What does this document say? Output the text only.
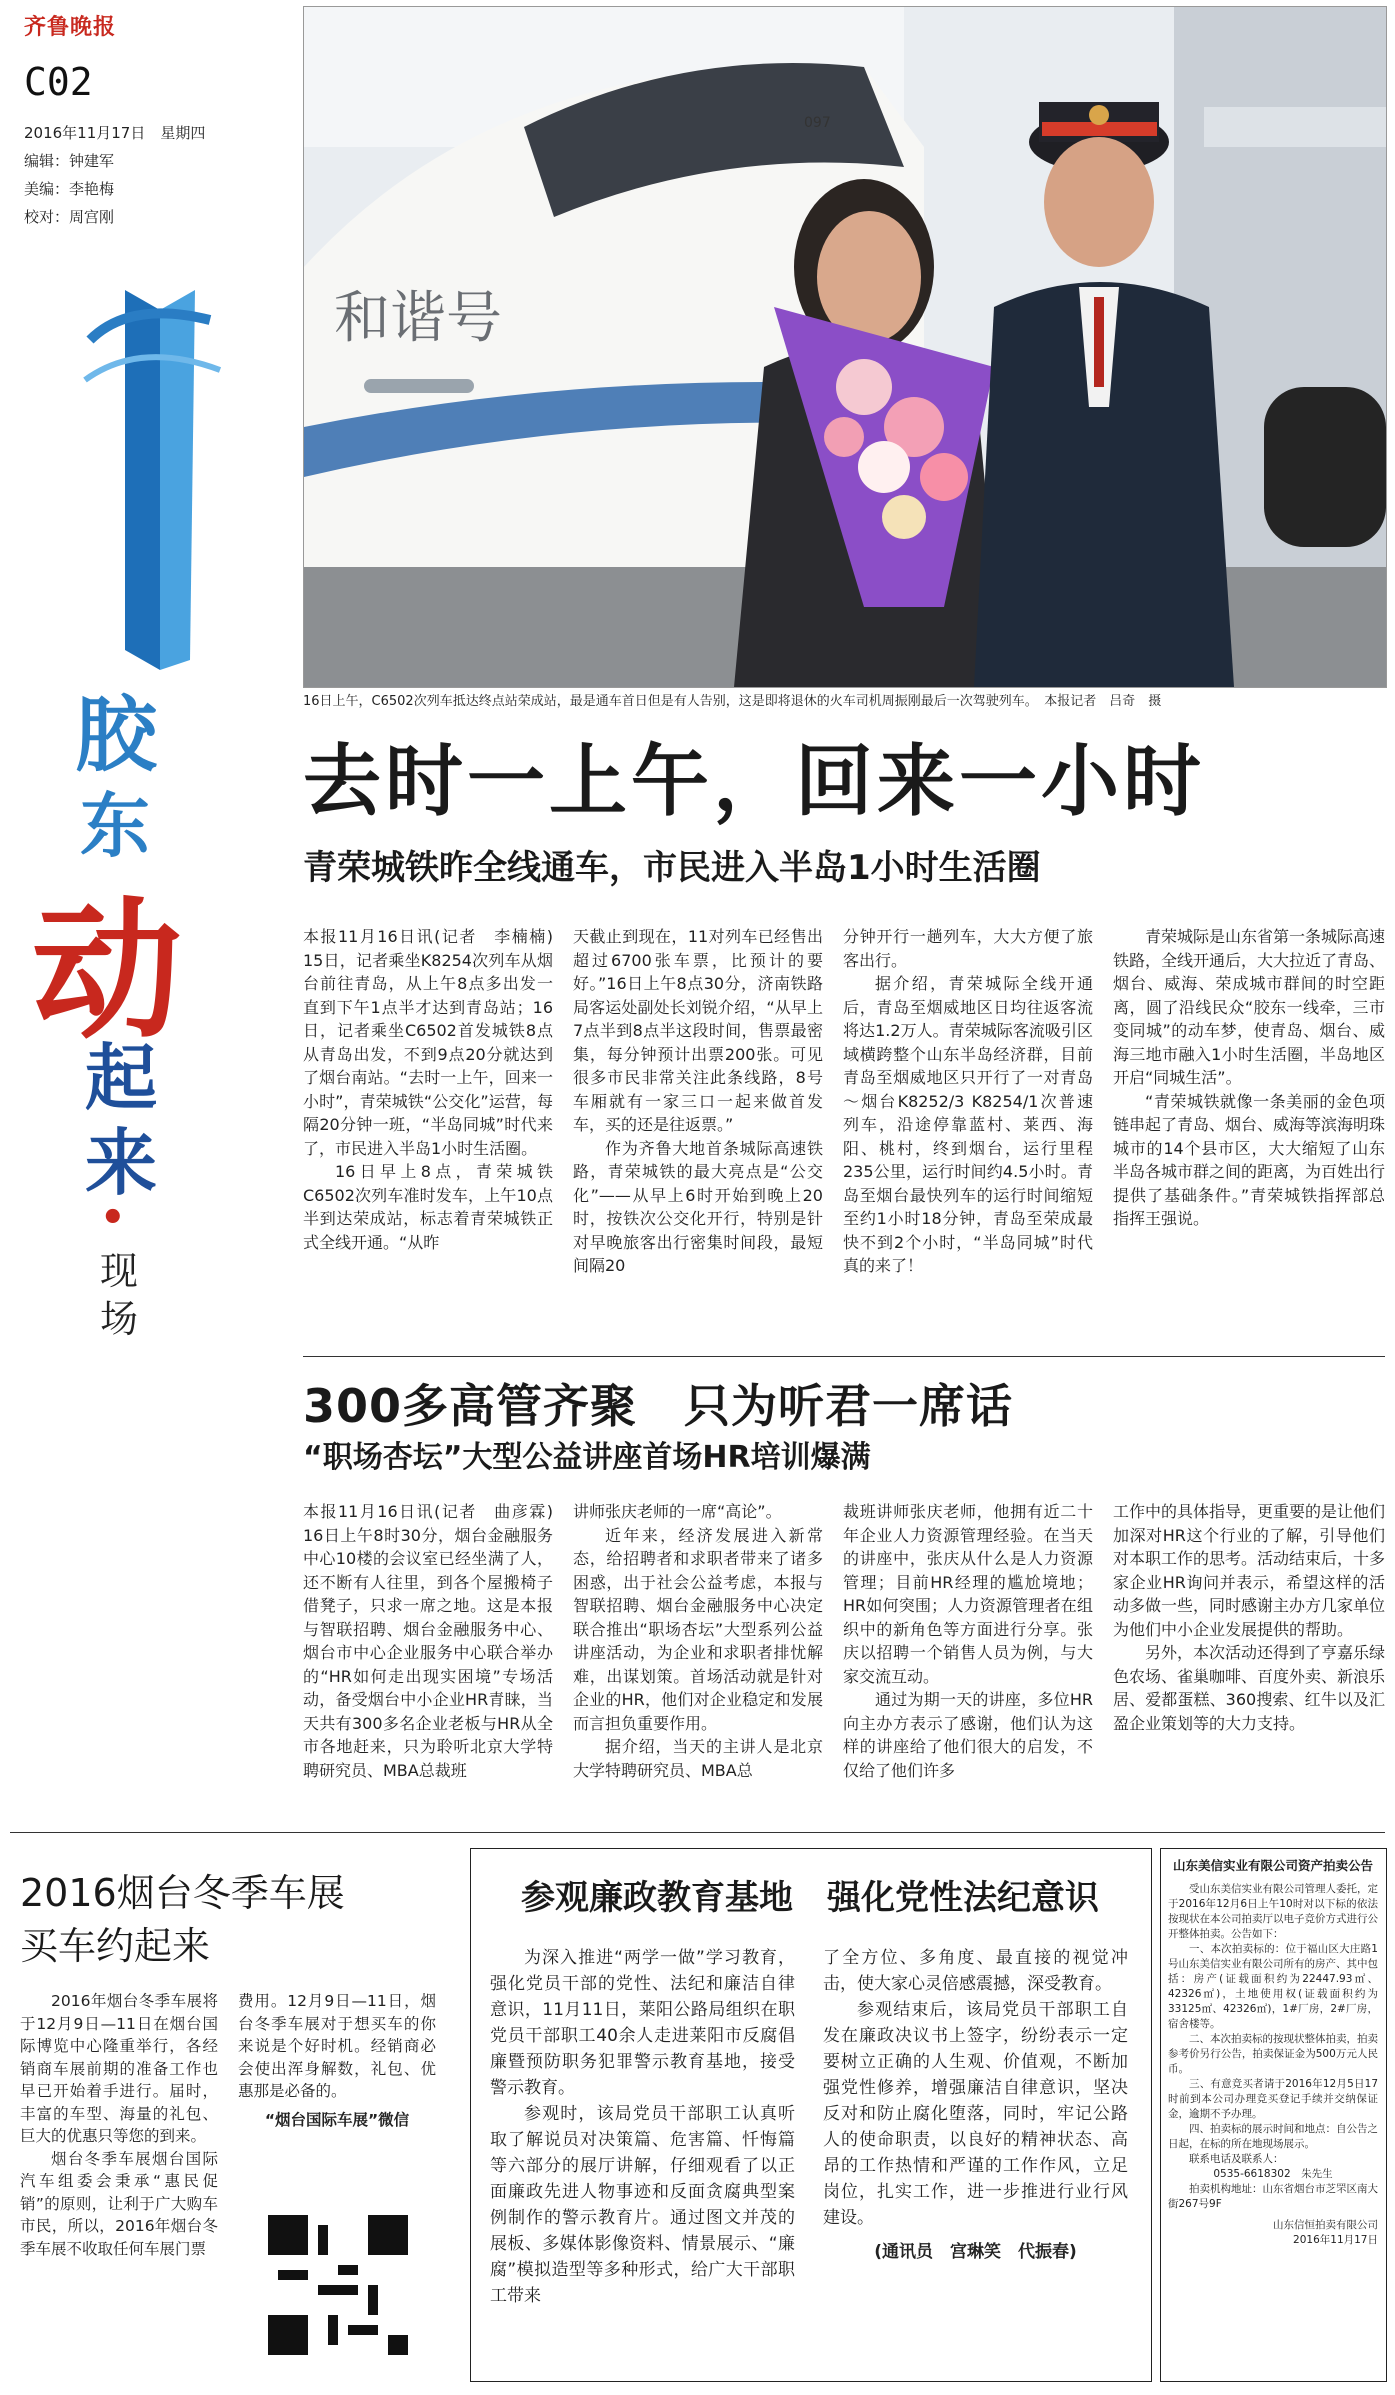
齐鲁晚报
C02
2016年11月17日　星期四
编辑：钟建军
美编：李艳梅
校对：周宫刚
胶
东
动
起
来
•
现
场
和谐号
097
16日上午，C6502次列车抵达终点站荣成站，最是通车首日但是有人告别，这是即将退休的火车司机周振刚最后一次驾驶列车。　本报记者　吕奇　摄
去时一上午，回来一小时
青荣城铁昨全线通车，市民进入半岛1小时生活圈

本报11月16日讯(记者　李楠楠)　15日，记者乘坐K8254次列车从烟台前往青岛，从上午8点多出发一直到下午1点半才达到青岛站；16日，记者乘坐C6502首发城铁8点从青岛出发，不到9点20分就达到了烟台南站。“去时一上午，回来一小时”，青荣城铁“公交化”运营，每隔20分钟一班，“半岛同城”时代来了，市民进入半岛1小时生活圈。

16日早上8点，青荣城铁C6502次列车准时发车，上午10点半到达荣成站，标志着青荣城铁正式全线开通。“从昨

天截止到现在，11对列车已经售出超过6700张车票，比预计的要好。”16日上午8点30分，济南铁路局客运处副处长刘锐介绍，“从早上7点半到8点半这段时间，售票最密集，每分钟预计出票200张。可见很多市民非常关注此条线路，8号车厢就有一家三口一起来做首发车，买的还是往返票。”

作为齐鲁大地首条城际高速铁路，青荣城铁的最大亮点是“公交化”——从早上6时开始到晚上20时，按铁次公交化开行，特别是针对早晚旅客出行密集时间段，最短间隔20

分钟开行一趟列车，大大方便了旅客出行。

据介绍，青荣城际全线开通后，青岛至烟威地区日均往返客流将达1.2万人。青荣城际客流吸引区域横跨整个山东半岛经济群，目前青岛至烟威地区只开行了一对青岛～烟台K8252/3 K8254/1次普速列车，沿途停靠蓝村、莱西、海阳、桃村，终到烟台，运行里程235公里，运行时间约4.5小时。青岛至烟台最快列车的运行时间缩短至约1小时18分钟，青岛至荣成最快不到2个小时，“半岛同城”时代真的来了！

青荣城际是山东省第一条城际高速铁路，全线开通后，大大拉近了青岛、烟台、威海、荣成城市群间的时空距离，圆了沿线民众“胶东一线牵，三市变同城”的动车梦，使青岛、烟台、威海三地市融入1小时生活圈，半岛地区开启“同城生活”。

“青荣城铁就像一条美丽的金色项链串起了青岛、烟台、威海等滨海明珠城市的14个县市区，大大缩短了山东半岛各城市群之间的距离，为百姓出行提供了基础条件。”青荣城铁指挥部总指挥王强说。

300多高管齐聚　只为听君一席话
“职场杏坛”大型公益讲座首场HR培训爆满

本报11月16日讯(记者　曲彦霖)　16日上午8时30分，烟台金融服务中心10楼的会议室已经坐满了人，还不断有人往里，到各个屋搬椅子借凳子，只求一席之地。这是本报与智联招聘、烟台金融服务中心、烟台市中心企业服务中心联合举办的“HR如何走出现实困境”专场活动，备受烟台中小企业HR青睐，当天共有300多名企业老板与HR从全市各地赶来，只为聆听北京大学特聘研究员、MBA总裁班

讲师张庆老师的一席“高论”。

近年来，经济发展进入新常态，给招聘者和求职者带来了诸多困惑，出于社会公益考虑，本报与智联招聘、烟台金融服务中心决定联合推出“职场杏坛”大型系列公益讲座活动，为企业和求职者排忧解难，出谋划策。首场活动就是针对企业的HR，他们对企业稳定和发展而言担负重要作用。

据介绍，当天的主讲人是北京大学特聘研究员、MBA总

裁班讲师张庆老师，他拥有近二十年企业人力资源管理经验。在当天的讲座中，张庆从什么是人力资源管理；目前HR经理的尴尬境地；HR如何突围；人力资源管理者在组织中的新角色等方面进行分享。张庆以招聘一个销售人员为例，与大家交流互动。

通过为期一天的讲座，多位HR向主办方表示了感谢，他们认为这样的讲座给了他们很大的启发，不仅给了他们许多

工作中的具体指导，更重要的是让他们加深对HR这个行业的了解，引导他们对本职工作的思考。活动结束后，十多家企业HR询问并表示，希望这样的活动多做一些，同时感谢主办方几家单位为他们中小企业发展提供的帮助。

另外，本次活动还得到了亨嘉乐绿色农场、雀巢咖啡、百度外卖、新浪乐居、爱都蛋糕、360搜索、红牛以及汇盈企业策划等的大力支持。

2016烟台冬季车展
买车约起来

2016年烟台冬季车展将于12月9日—11日在烟台国际博览中心隆重举行，各经销商车展前期的准备工作也早已开始着手进行。届时，丰富的车型、海量的礼包、巨大的优惠只等您的到来。

烟台冬季车展烟台国际汽车组委会秉承“惠民促销”的原则，让利于广大购车市民，所以，2016年烟台冬季车展不收取任何车展门票

费用。12月9日—11日，烟台冬季车展对于想买车的你来说是个好时机。经销商必会使出浑身解数，礼包、优惠那是必备的。

“烟台国际车展”微信

参观廉政教育基地　强化党性法纪意识

为深入推进“两学一做”学习教育，强化党员干部的党性、法纪和廉洁自律意识，11月11日，莱阳公路局组织在职党员干部职工40余人走进莱阳市反腐倡廉暨预防职务犯罪警示教育基地，接受警示教育。

参观时，该局党员干部职工认真听取了解说员对决策篇、危害篇、忏悔篇等六部分的展厅讲解，仔细观看了以正面廉政先进人物事迹和反面贪腐典型案例制作的警示教育片。通过图文并茂的展板、多媒体影像资料、情景展示、“廉腐”模拟造型等多种形式，给广大干部职工带来

了全方位、多角度、最直接的视觉冲击，使大家心灵倍感震撼，深受教育。

参观结束后，该局党员干部职工自发在廉政决议书上签字，纷纷表示一定要树立正确的人生观、价值观，不断加强党性修养，增强廉洁自律意识，坚决反对和防止腐化堕落，同时，牢记公路人的使命职责，以良好的精神状态、高昂的工作热情和严谨的工作作风，立足岗位，扎实工作，进一步推进行业行风建设。

(通讯员　宫琳笑　代振春)

山东美信实业有限公司资产拍卖公告

受山东美信实业有限公司管理人委托，定于2016年12月6日上午10时对以下标的依法按现状在本公司拍卖厅以电子竞价方式进行公开整体拍卖。公告如下：

一、本次拍卖标的：位于福山区大庄路1号山东美信实业有限公司所有的房产、其中包括：房产(证载面积约为22447.93㎡、42326㎡)，土地使用权(证载面积约为33125㎡、42326㎡)，1#厂房，2#厂房，宿舍楼等。

二、本次拍卖标的按现状整体拍卖，拍卖参考价另行公告，拍卖保证金为500万元人民币。

三、有意竞买者请于2016年12月5日17时前到本公司办理竞买登记手续并交纳保证金，逾期不予办理。

四、拍卖标的展示时间和地点：自公告之日起，在标的所在地现场展示。

联系电话及联系人：

0535-6618302　朱先生

拍卖机构地址：山东省烟台市芝罘区南大街267号9F

山东信恒拍卖有限公司

2016年11月17日
